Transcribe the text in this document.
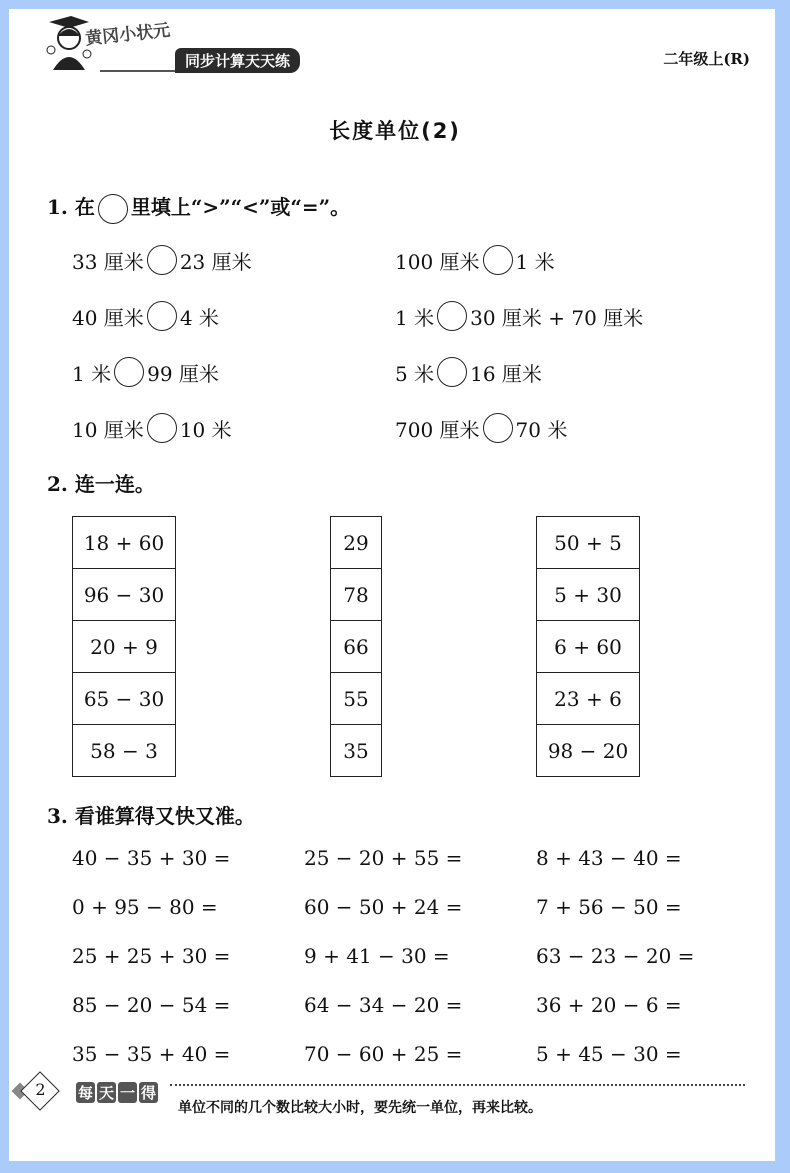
黄冈小状元
同步计算天天练	二年级上(R)
长度单位(2)
1. 在 里填上“>”“<”或“=”。
33 厘米 23 厘米	100 厘米 1 米
40 厘米 4 米	1 米 30 厘米 + 70 厘米
1 米 99 厘米	5 米 16 厘米
10 厘米 10 米	700 厘米 70 米
2. 连一连。
18 + 60
96 − 30
20 + 9
65 − 30
58 − 3
29
78
66
55
35
50 + 5
5 + 30
6 + 60
23 + 6
98 − 20
3. 看谁算得又快又准。
40 − 35 + 30 =	25 − 20 + 55 =	8 + 43 − 40 =
0 + 95 − 80 =	60 − 50 + 24 =	7 + 56 − 50 =
25 + 25 + 30 =	9 + 41 − 30 =	63 − 23 − 20 =
85 − 20 − 54 =	64 − 34 − 20 =	36 + 20 − 6 =
35 − 35 + 40 =	70 − 60 + 25 =	5 + 45 − 30 =
2	每 天 一 得
单位不同的几个数比较大小时，要先统一单位，再来比较。
